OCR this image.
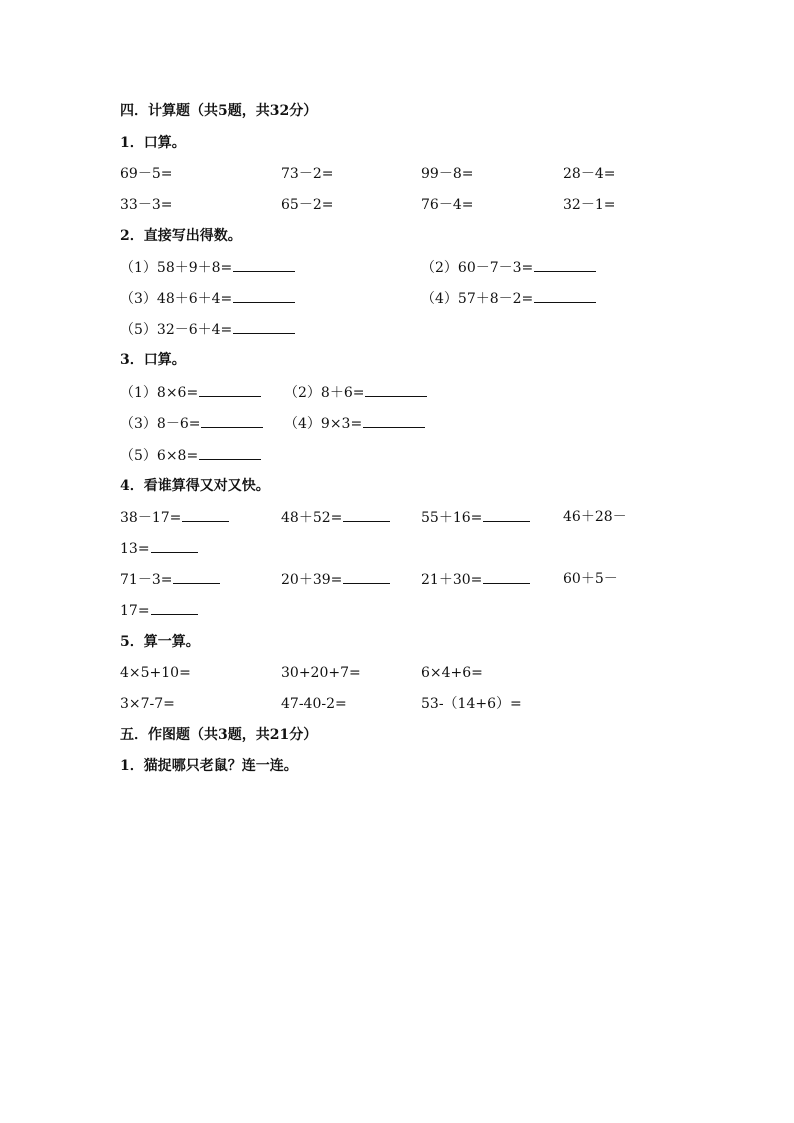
四．计算题（共5题，共32分）
1．口算。
69－5=	73－2=	99－8=	28－4=
33－3=	65－2=	76－4=	32－1=
2．直接写出得数。
（1）58＋9＋8=	（2）60－7－3=
（3）48＋6＋4=	（4）57＋8－2=
（5）32－6＋4=
3．口算。
（1）8×6=	（2）8＋6=
（3）8－6=	（4）9×3=
（5）6×8=
4．看谁算得又对又快。
38－17=	48＋52=	55＋16=	46＋28－
13=
71－3=	20＋39=	21＋30=	60＋5－
17=
5．算一算。
4×5+10=	30+20+7=	6×4+6=
3×7-7=	47-40-2=	53-（14+6）=
五．作图题（共3题，共21分）
1．猫捉哪只老鼠？连一连。
